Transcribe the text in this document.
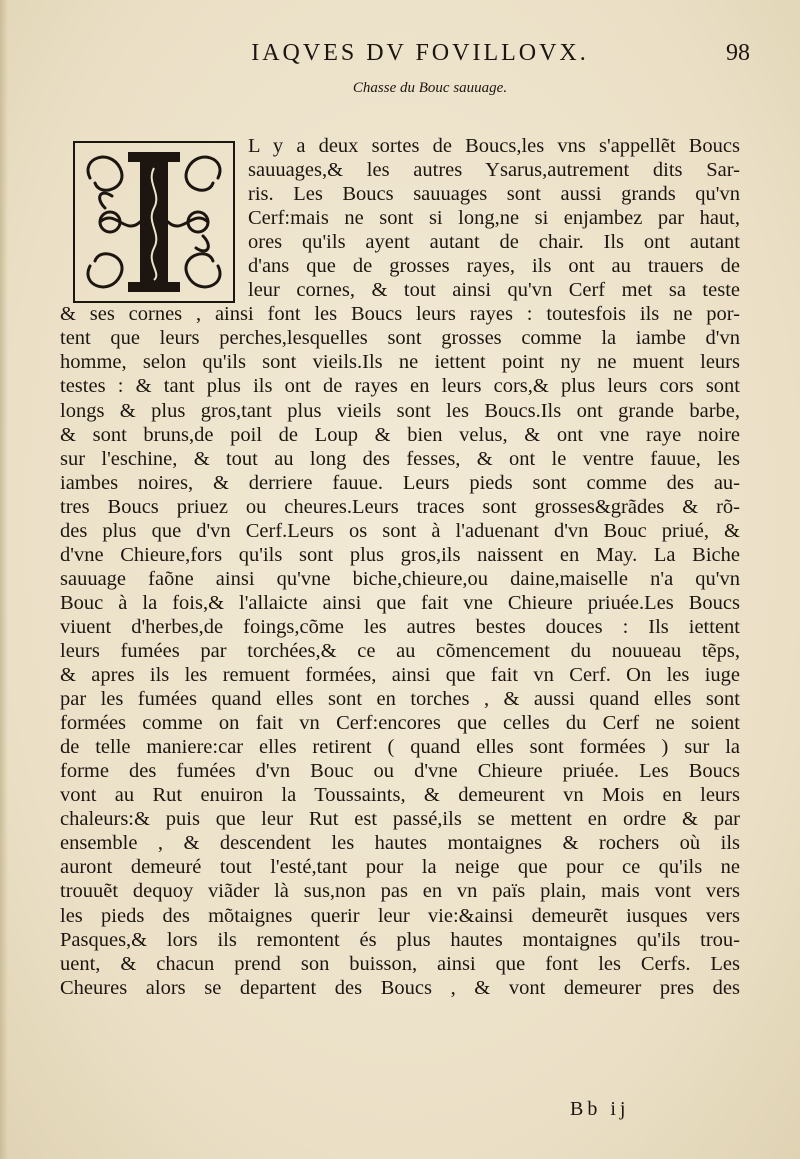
IAQVES DV FOVILLOVX.	98
Chasse du Bouc sauuage.
L y a deux sortes de Boucs,les vns s'appellẽt Boucs
sauuages,& les autres Ysarus,autrement dits Sar-
ris. Les Boucs sauuages sont aussi grands qu'vn
Cerf:mais ne sont si long,ne si enjambez par haut,
ores qu'ils ayent autant de chair. Ils ont autant
d'ans que de grosses rayes, ils ont au trauers de
leur cornes, & tout ainsi qu'vn Cerf met sa teste
& ses cornes , ainsi font les Boucs leurs rayes : toutesfois ils ne por-
tent que leurs perches,lesquelles sont grosses comme la iambe d'vn
homme, selon qu'ils sont vieils.Ils ne iettent point ny ne muent leurs
testes : & tant plus ils ont de rayes en leurs cors,& plus leurs cors sont
longs & plus gros,tant plus vieils sont les Boucs.Ils ont grande barbe,
& sont bruns,de poil de Loup & bien velus, & ont vne raye noire
sur l'eschine, & tout au long des fesses, & ont le ventre fauue, les
iambes noires, & derriere fauue. Leurs pieds sont comme des au-
tres Boucs priuez ou cheures.Leurs traces sont grosses&grãdes & rõ-
des plus que d'vn Cerf.Leurs os sont à l'aduenant d'vn Bouc priué, &
d'vne Chieure,fors qu'ils sont plus gros,ils naissent en May. La Biche
sauuage faõne ainsi qu'vne biche,chieure,ou daine,maiselle n'a qu'vn
Bouc à la fois,& l'allaicte ainsi que fait vne Chieure priuée.Les Boucs
viuent d'herbes,de foings,cõme les autres bestes douces : Ils iettent
leurs fumées par torchées,& ce au cõmencement du nouueau tẽps,
& apres ils les remuent formées, ainsi que fait vn Cerf. On les iuge
par les fumées quand elles sont en torches , & aussi quand elles sont
formées comme on fait vn Cerf:encores que celles du Cerf ne soient
de telle maniere:car elles retirent ( quand elles sont formées ) sur la
forme des fumées d'vn Bouc ou d'vne Chieure priuée. Les Boucs
vont au Rut enuiron la Toussaints, & demeurent vn Mois en leurs
chaleurs:& puis que leur Rut est passé,ils se mettent en ordre & par
ensemble , & descendent les hautes montaignes & rochers où ils
auront demeuré tout l'esté,tant pour la neige que pour ce qu'ils ne
trouuẽt dequoy viãder là sus,non pas en vn païs plain, mais vont vers
les pieds des mõtaignes querir leur vie:&ainsi demeurẽt iusques vers
Pasques,& lors ils remontent és plus hautes montaignes qu'ils trou-
uent, & chacun prend son buisson, ainsi que font les Cerfs. Les
Cheures alors se departent des Boucs , & vont demeurer pres des
Bb ij
